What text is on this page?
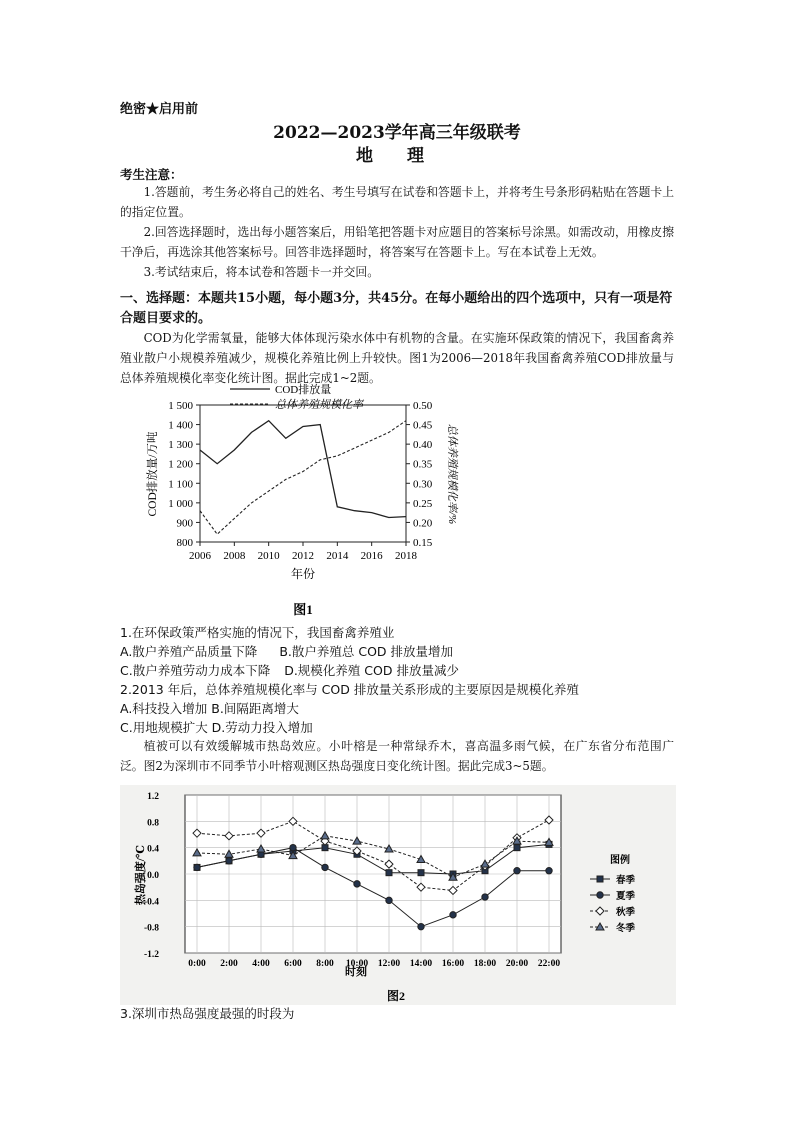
绝密★启用前
2022—2023学年高三年级联考
地 理
考生注意：

1.答题前，考生务必将自己的姓名、考生号填写在试卷和答题卡上，并将考生号条形码粘贴在答题卡上的指定位置。

2.回答选择题时，选出每小题答案后，用铅笔把答题卡对应题目的答案标号涂黑。如需改动，用橡皮擦干净后，再选涂其他答案标号。回答非选择题时，将答案写在答题卡上。写在本试卷上无效。

3.考试结束后，将本试卷和答题卡一并交回。

一、选择题：本题共15小题，每小题3分，共45分。在每小题给出的四个选项中，只有一项是符合题目要求的。

COD为化学需氧量，能够大体体现污染水体中有机物的含量。在实施环保政策的情况下，我国畜禽养殖业散户小规模养殖减少，规模化养殖比例上升较快。图1为2006—2018年我国畜禽养殖COD排放量与总体养殖规模化率变化统计图。据此完成1~2题。

800
900
1 000
1 100
1 200
1 300
1 400
1 500
0.15
0.20
0.25
0.30
0.35
0.40
0.45
0.50
2006 2008 2010 2012 2014 2016 2018
COD排放量
总体养殖规模化率
COD排放量/万吨	总体养殖规模化率/%
年份
图1
1.在环保政策严格实施的情况下，我国畜禽养殖业
A.散户养殖产品质量下降 B.散户养殖总 COD 排放量增加
C.散户养殖劳动力成本下降 D.规模化养殖 COD 排放量减少
2.2013 年后，总体养殖规模化率与 COD 排放量关系形成的主要原因是规模化养殖
A.科技投入增加 B.间隔距离增大
C.用地规模扩大 D.劳动力投入增加

植被可以有效缓解城市热岛效应。小叶榕是一种常绿乔木，喜高温多雨气候，在广东省分布范围广泛。图2为深圳市不同季节小叶榕观测区热岛强度日变化统计图。据此完成3~5题。

-1.2
-0.8
-0.4
0.0
0.4
0.8
1.2
0:00 2:00 4:00 6:00 8:00 10:00 12:00 14:00 16:00 18:00 20:00 22:00
热岛强度/℃
时刻
图例
春季
夏季
秋季
冬季
图2
3.深圳市热岛强度最强的时段为
